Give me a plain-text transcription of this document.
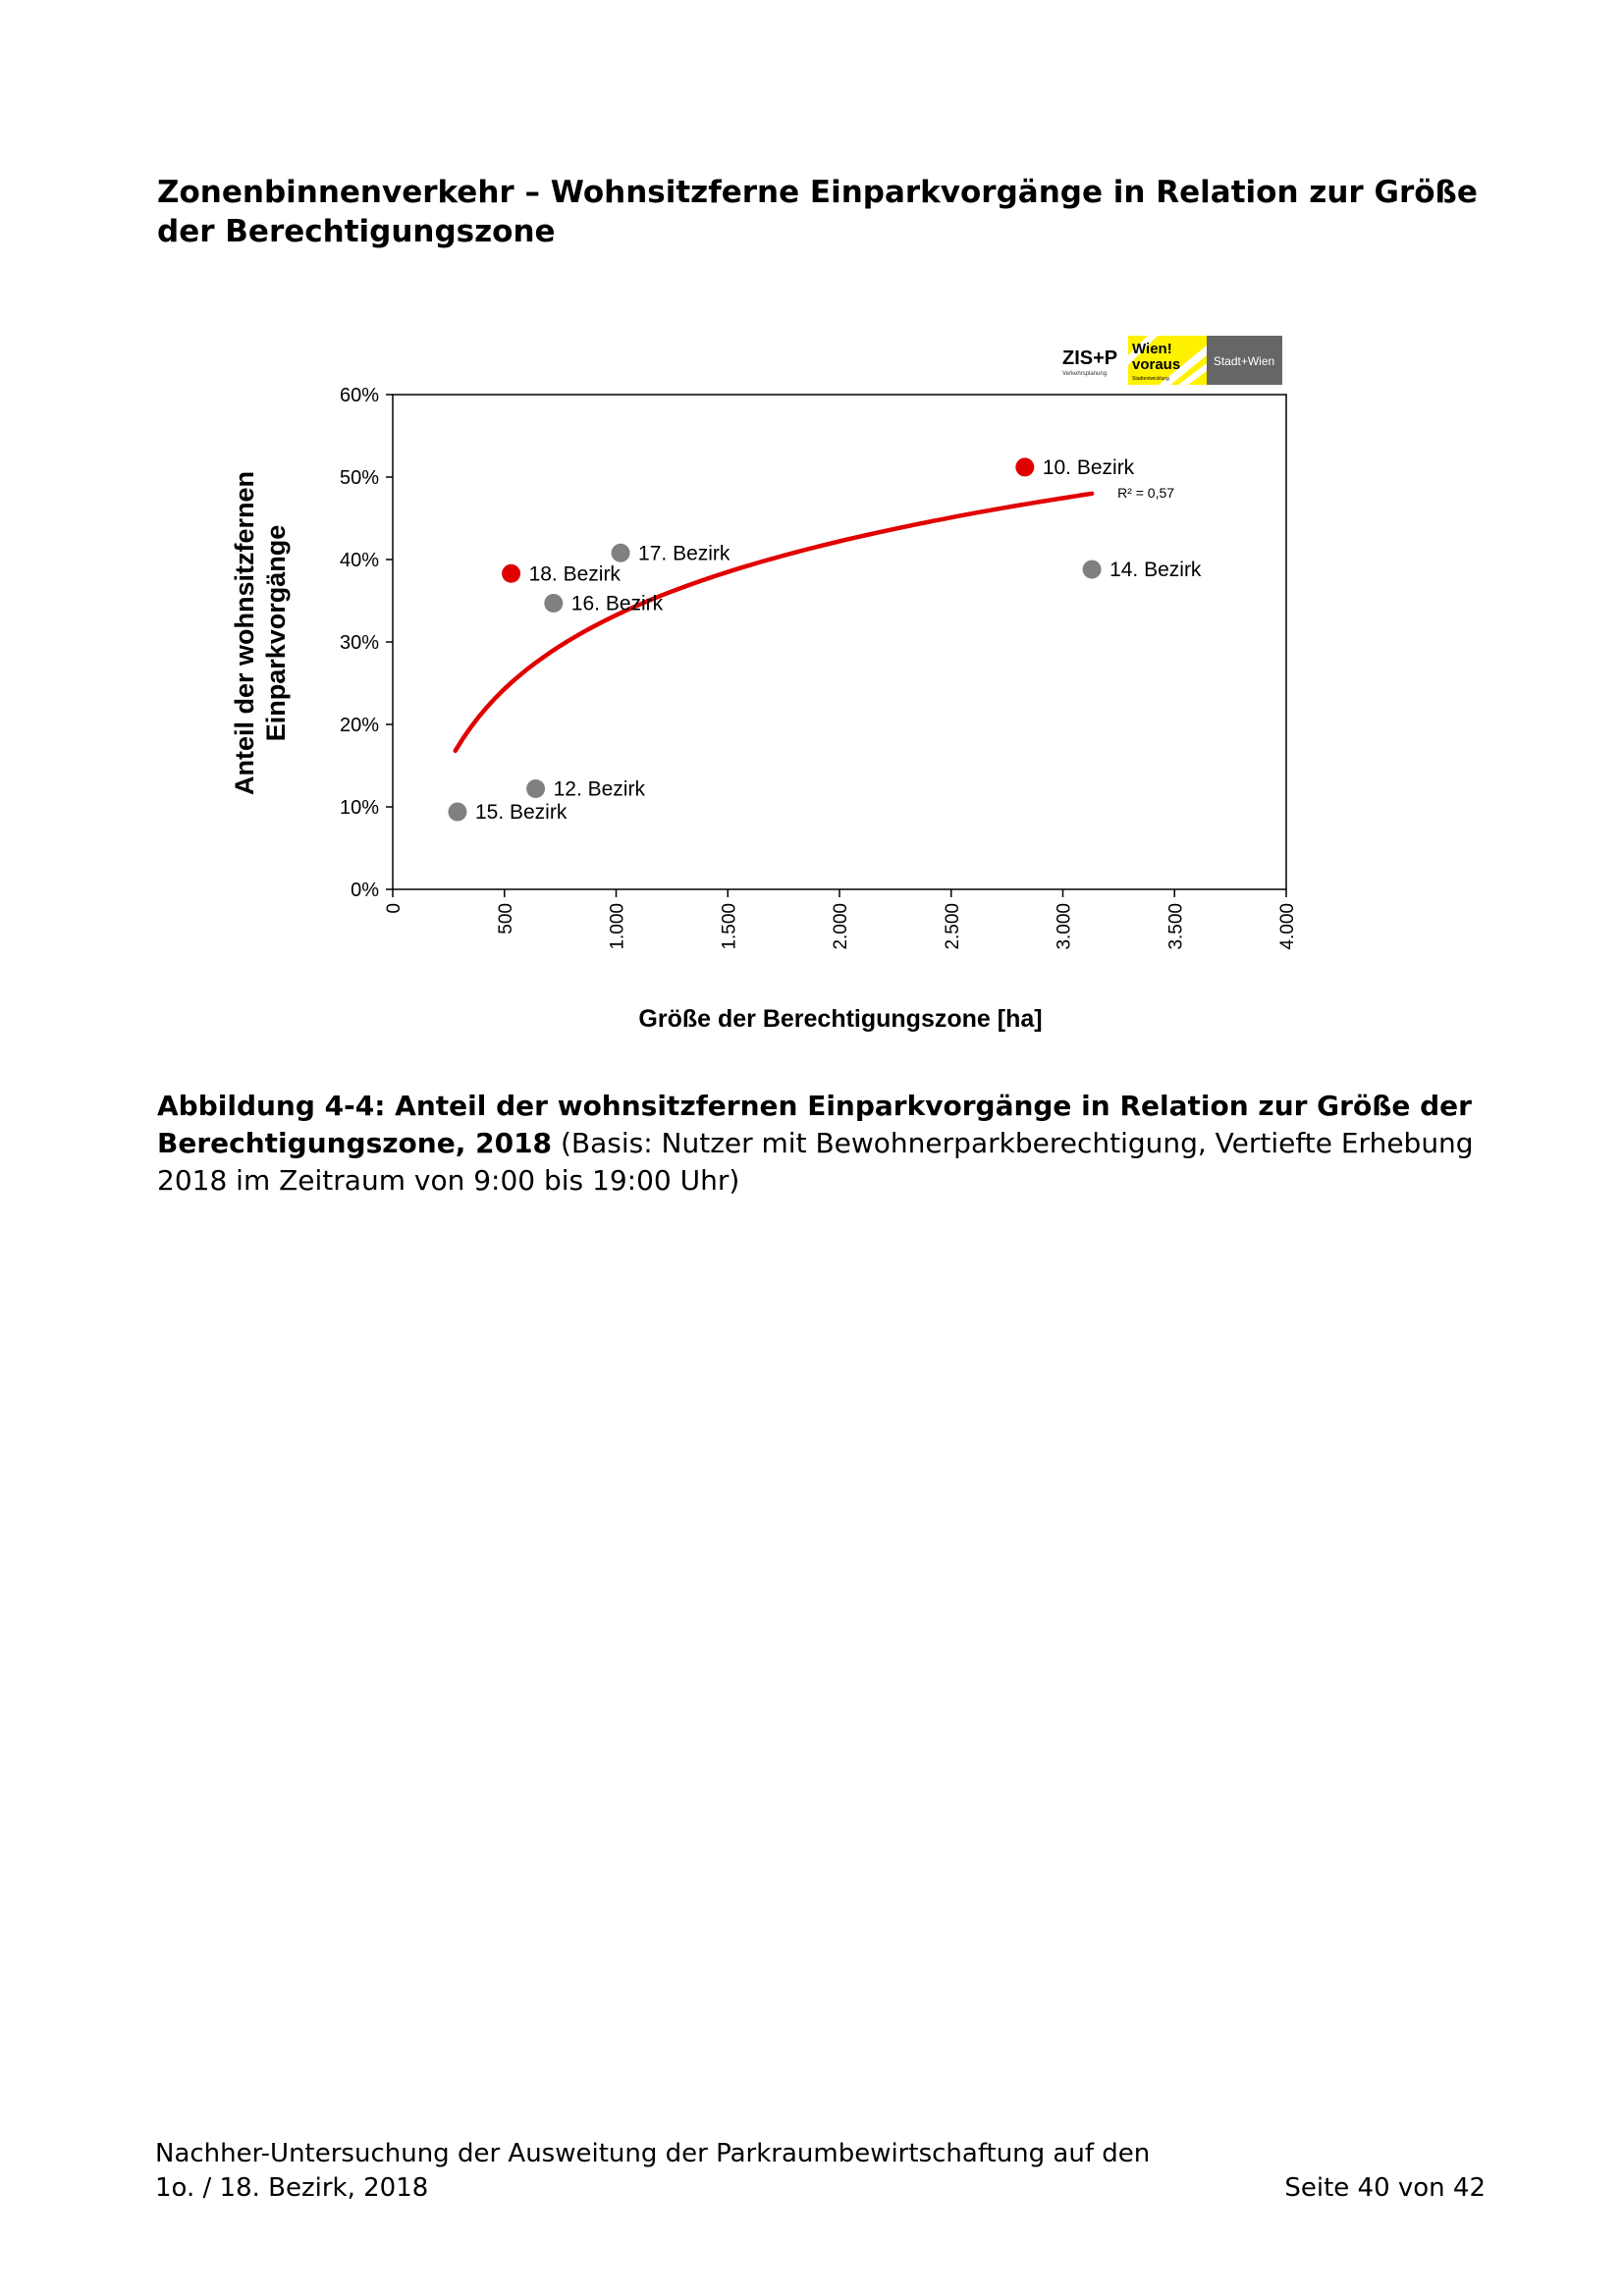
Zonenbinnenverkehr – Wohnsitzferne Einparkvorgänge in Relation zur Größe
der Berechtigungszone
ZIS+P
Verkehrsplanung
Wien!
voraus
Stadtentwicklung
Stadt+Wien
0%
10%
20%
30%
40%
50%
60%
0	500	1.000	1.500	2.000	2.500	3.000	3.500	4.000
R² = 0,57
10. Bezirk
18. Bezirk
17. Bezirk
16. Bezirk
14. Bezirk
12. Bezirk
15. Bezirk
Größe der Berechtigungszone [ha]
Anteil der wohnsitzfernen Einparkvorgänge
Abbildung 4-4: Anteil der wohnsitzfernen Einparkvorgänge in Relation zur Größe der Berechtigungszone, 2018 (Basis: Nutzer mit Bewohnerparkberechtigung, Vertiefte Erhebung 2018 im Zeitraum von 9:00 bis 19:00 Uhr)
Nachher-Untersuchung der Ausweitung der Parkraumbewirtschaftung auf den
1o. / 18. Bezirk, 2018	Seite 40 von 42
